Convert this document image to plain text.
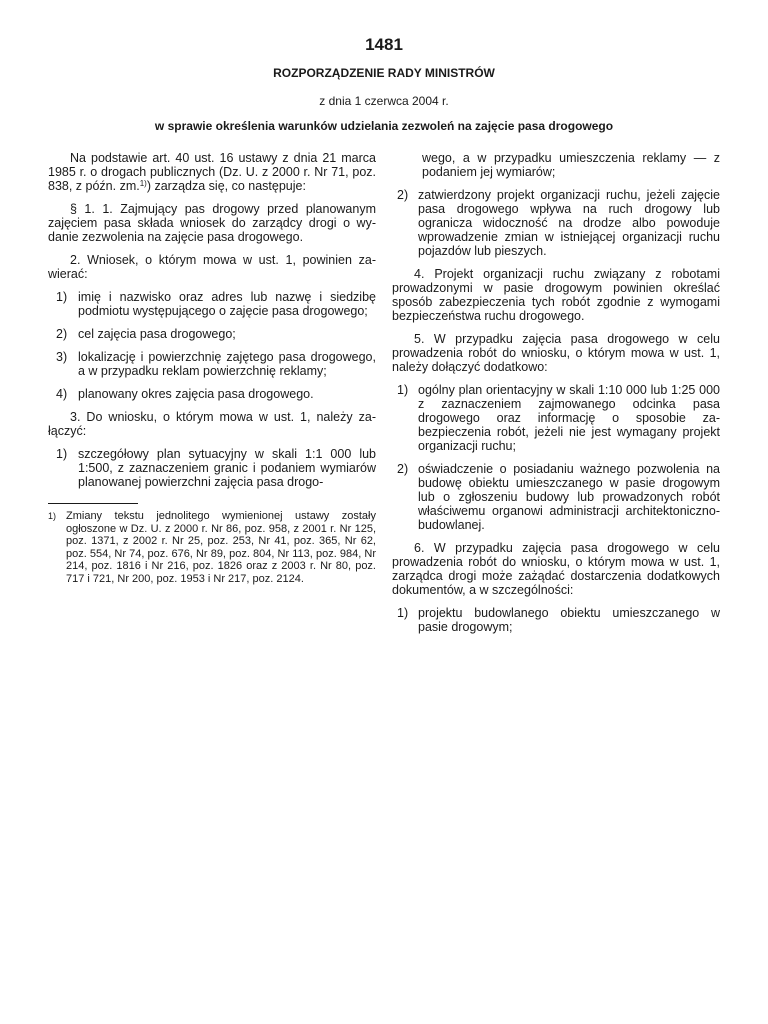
1481
ROZPORZĄDZENIE RADY MINISTRÓW
z dnia 1 czerwca 2004 r.
w sprawie określenia warunków udzielania zezwoleń na zajęcie pasa drogowego

Na podstawie art. 40 ust. 16 ustawy z dnia 21 marca 1985 r. o drogach publicznych (Dz. U. z 2000 r. Nr 71, poz. 838, z późn. zm.$^{1)}$) zarządza się, co następuje:

§ 1. 1. Zajmujący pas drogowy przed planowanym zajęciem pasa składa wniosek do zarządcy drogi o wydanie zezwolenia na zajęcie pasa drogowego.

2. Wniosek, o którym mowa w ust. 1, powinien zawierać:

1) imię i nazwisko oraz adres lub nazwę i siedzibę podmiotu występującego o zajęcie pasa drogowego;
2) cel zajęcia pasa drogowego;
3) lokalizację i powierzchnię zajętego pasa drogowego, a w przypadku reklam powierzchnię reklamy;
4) planowany okres zajęcia pasa drogowego.

3. Do wniosku, o którym mowa w ust. 1, należy załączyć:

1) szczegółowy plan sytuacyjny w skali 1:1 000 lub 1:500, z zaznaczeniem granic i podaniem wymiarów planowanej powierzchni zajęcia pasa drogo-
1) Zmiany tekstu jednolitego wymienionej ustawy zostały ogłoszone w Dz. U. z 2000 r. Nr 86, poz. 958, z 2001 r. Nr 125, poz. 1371, z 2002 r. Nr 25, poz. 253, Nr 41, poz. 365, Nr 62, poz. 554, Nr 74, poz. 676, Nr 89, poz. 804, Nr 113, poz. 984, Nr 214, poz. 1816 i Nr 216, poz. 1826 oraz z 2003 r. Nr 80, poz. 717 i 721, Nr 200, poz. 1953 i Nr 217, poz. 2124.
wego, a w przypadku umieszczenia reklamy — z podaniem jej wymiarów;
2) zatwierdzony projekt organizacji ruchu, jeżeli zajęcie pasa drogowego wpływa na ruch drogowy lub ogranicza widoczność na drodze albo powoduje wprowadzenie zmian w istniejącej organizacji ruchu pojazdów lub pieszych.

4. Projekt organizacji ruchu związany z robotami prowadzonymi w pasie drogowym powinien określać sposób zabezpieczenia tych robót zgodnie z wymogami bezpieczeństwa ruchu drogowego.

5. W przypadku zajęcia pasa drogowego w celu prowadzenia robót do wniosku, o którym mowa w ust. 1, należy dołączyć dodatkowo:

1) ogólny plan orientacyjny w skali 1:10 000 lub 1:25 000 z zaznaczeniem zajmowanego odcinka pasa drogowego oraz informację o sposobie zabezpieczenia robót, jeżeli nie jest wymagany projekt organizacji ruchu;
2) oświadczenie o posiadaniu ważnego pozwolenia na budowę obiektu umieszczanego w pasie drogowym lub o zgłoszeniu budowy lub prowadzonych robót właściwemu organowi administracji architektoniczno-budowlanej.

6. W przypadku zajęcia pasa drogowego w celu prowadzenia robót do wniosku, o którym mowa w ust. 1, zarządca drogi może zażądać dostarczenia dodatkowych dokumentów, a w szczególności:

1) projektu budowlanego obiektu umieszczanego w pasie drogowym;
